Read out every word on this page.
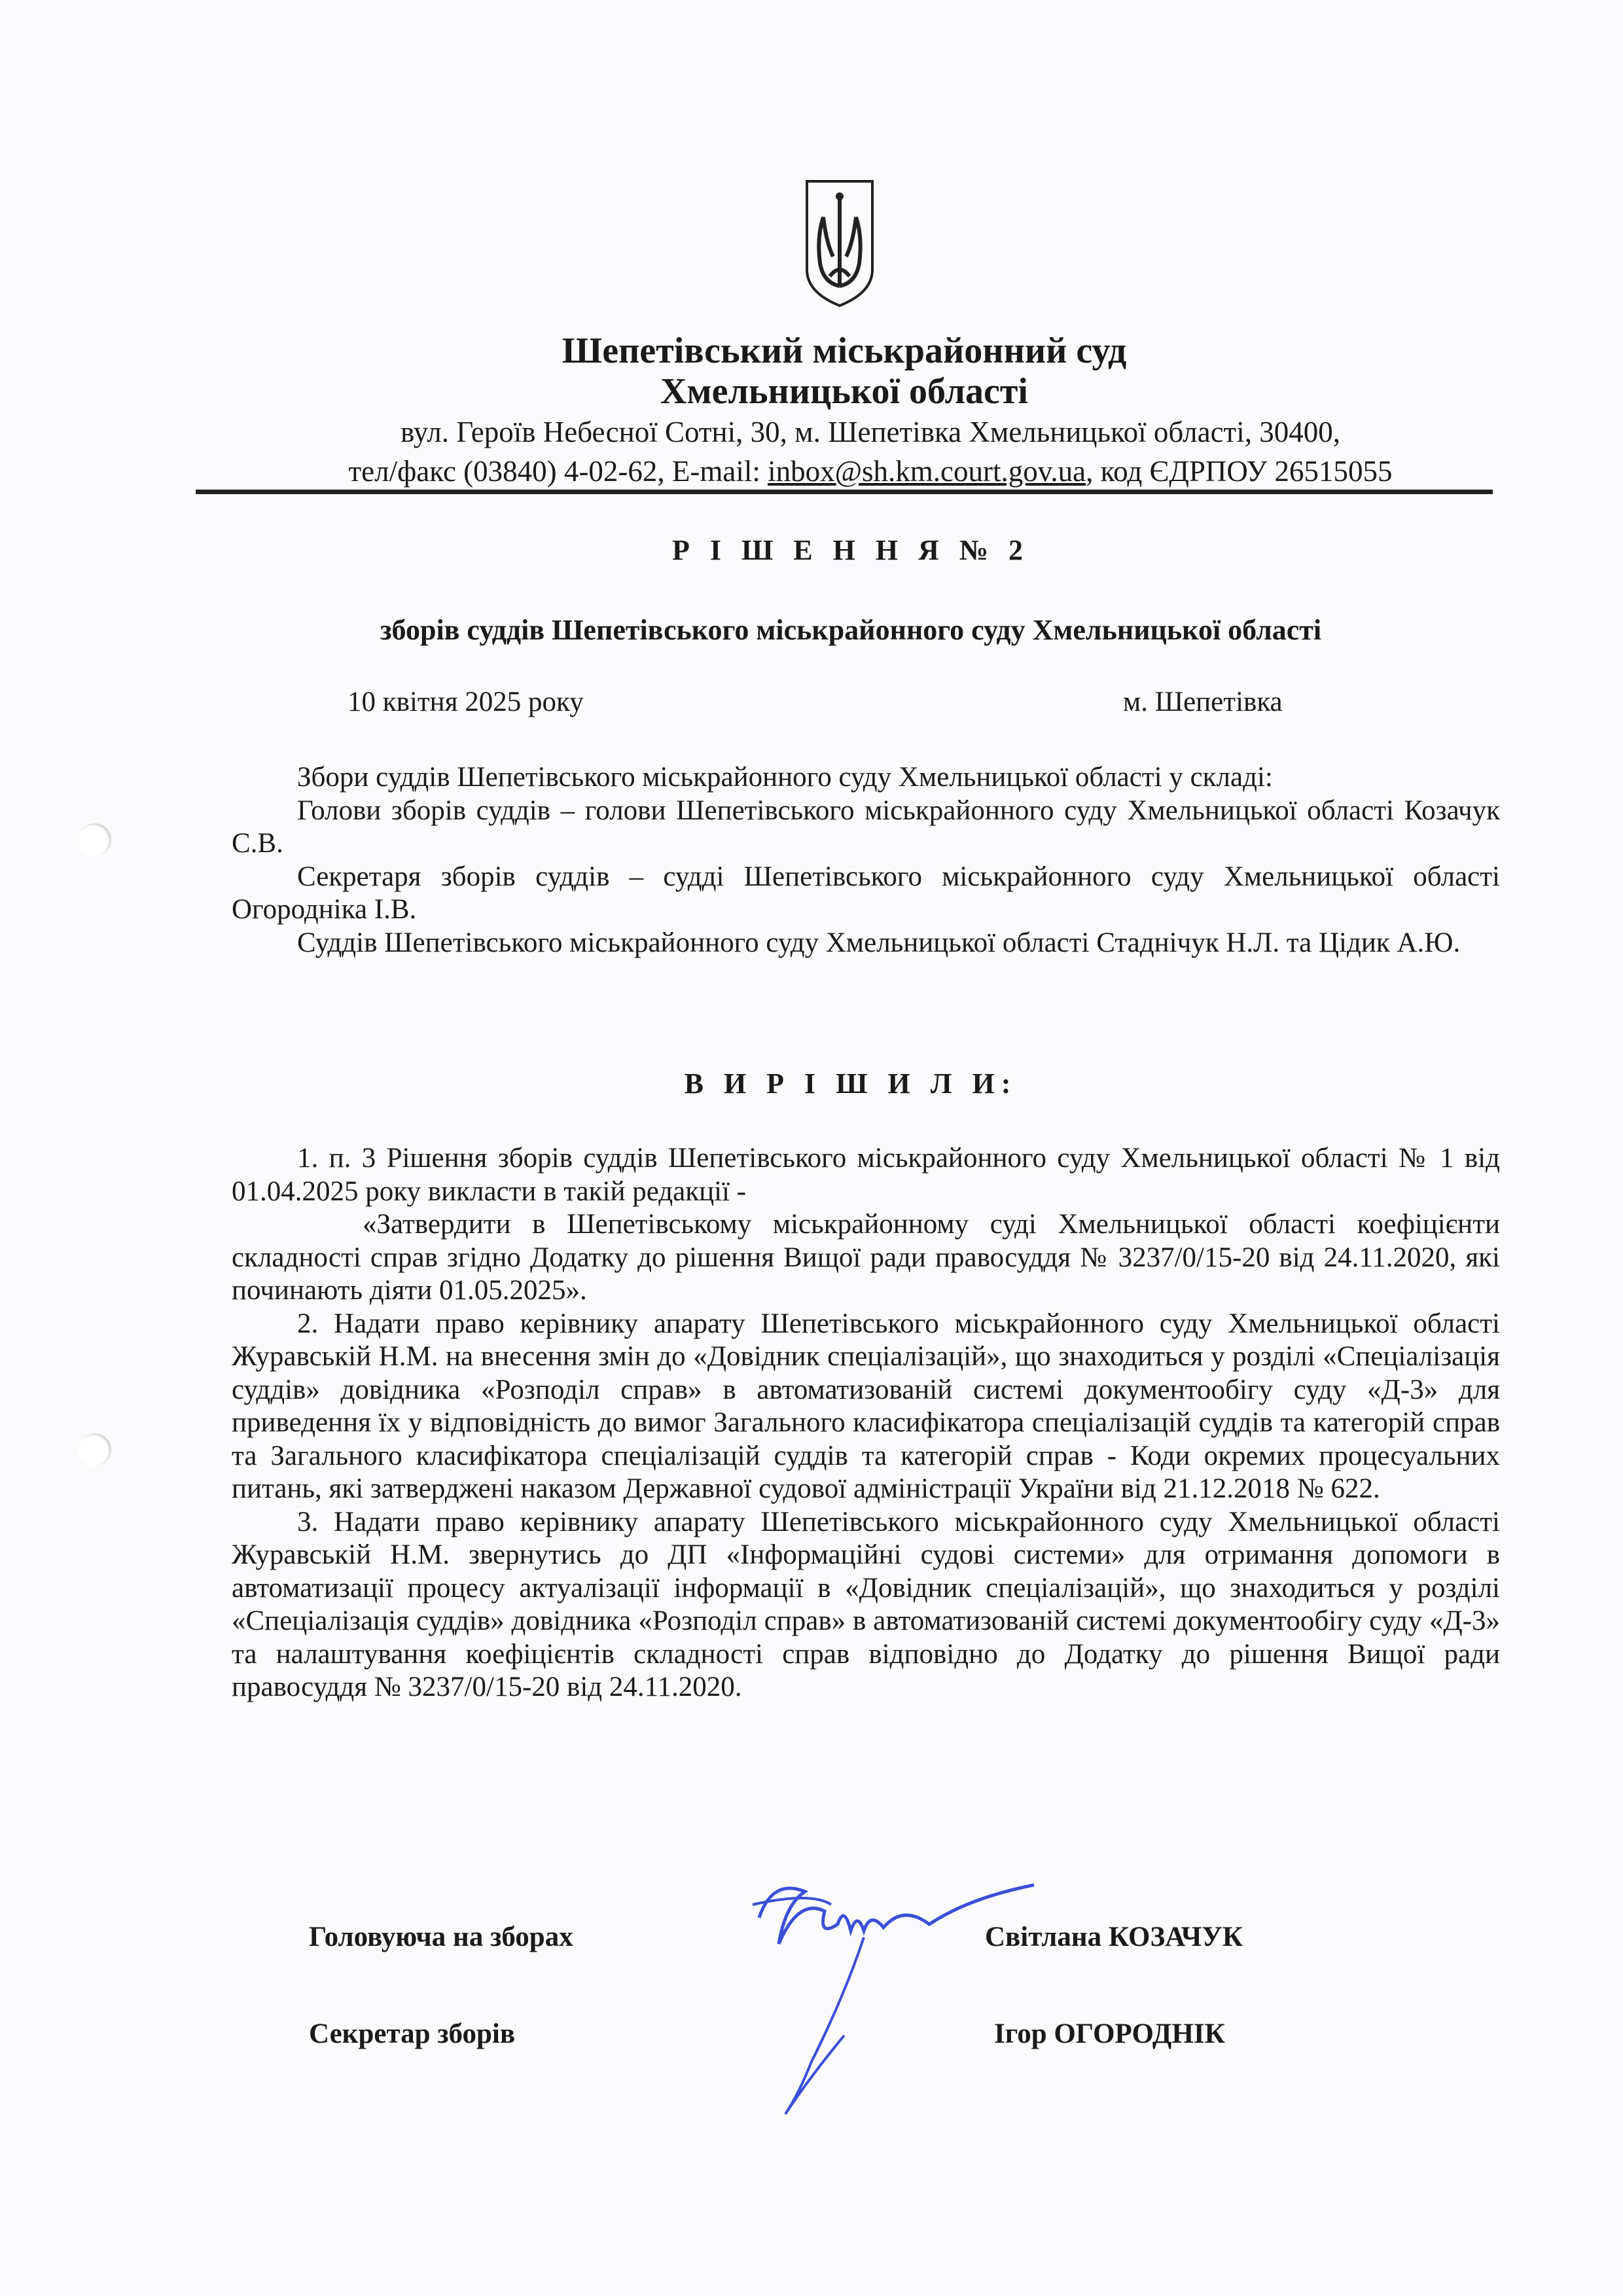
Шепетівський міськрайонний суд
Хмельницької області
вул. Героїв Небесної Сотні, 30, м. Шепетівка Хмельницької області, 30400,
тел/факс (03840) 4-02-62, E-mail: inbox@sh.km.court.gov.ua, код ЄДРПОУ 26515055
Р І Ш Е Н Н Я № 2
зборів суддів Шепетівського міськрайонного суду Хмельницької області
10 квітня 2025 року	м. Шепетівка

Збори суддів Шепетівського міськрайонного суду Хмельницької області у складі:

Голови зборів суддів – голови Шепетівського міськрайонного суду Хмельницької області Козачук С.В.

Секретаря зборів суддів – судді Шепетівського міськрайонного суду Хмельницької області Огородніка І.В.

Суддів Шепетівського міськрайонного суду Хмельницької області Стаднічук Н.Л. та Цідик А.Ю.

В И Р І Ш И Л И:

1. п. 3 Рішення зборів суддів Шепетівського міськрайонного суду Хмельницької області № 1 від 01.04.2025 року викласти в такій редакції -

«Затвердити в Шепетівському міськрайонному суді Хмельницької області коефіцієнти складності справ згідно Додатку до рішення Вищої ради правосуддя № 3237/0/15-20 від 24.11.2020, які починають діяти 01.05.2025».

2. Надати право керівнику апарату Шепетівського міськрайонного суду Хмельницької області Журавській Н.М. на внесення змін до «Довідник спеціалізацій», що знаходиться у розділі «Спеціалізація суддів» довідника «Розподіл справ» в автоматизованій системі документообігу суду «Д-3» для приведення їх у відповідність до вимог Загального класифікатора спеціалізацій суддів та категорій справ та Загального класифікатора спеціалізацій суддів та категорій справ - Коди окремих процесуальних питань, які затверджені наказом Державної судової адміністрації України від 21.12.2018 № 622.

3. Надати право керівнику апарату Шепетівського міськрайонного суду Хмельницької області Журавській Н.М. звернутись до ДП «Інформаційні судові системи» для отримання допомоги в автоматизації процесу актуалізації інформації в «Довідник спеціалізацій», що знаходиться у розділі «Спеціалізація суддів» довідника «Розподіл справ» в автоматизованій системі документообігу суду «Д-3» та налаштування коефіцієнтів складності справ відповідно до Додатку до рішення Вищої ради правосуддя № 3237/0/15-20 від 24.11.2020.

Головуюча на зборах	Світлана КОЗАЧУК
Секретар зборів	Ігор ОГОРОДНІК
